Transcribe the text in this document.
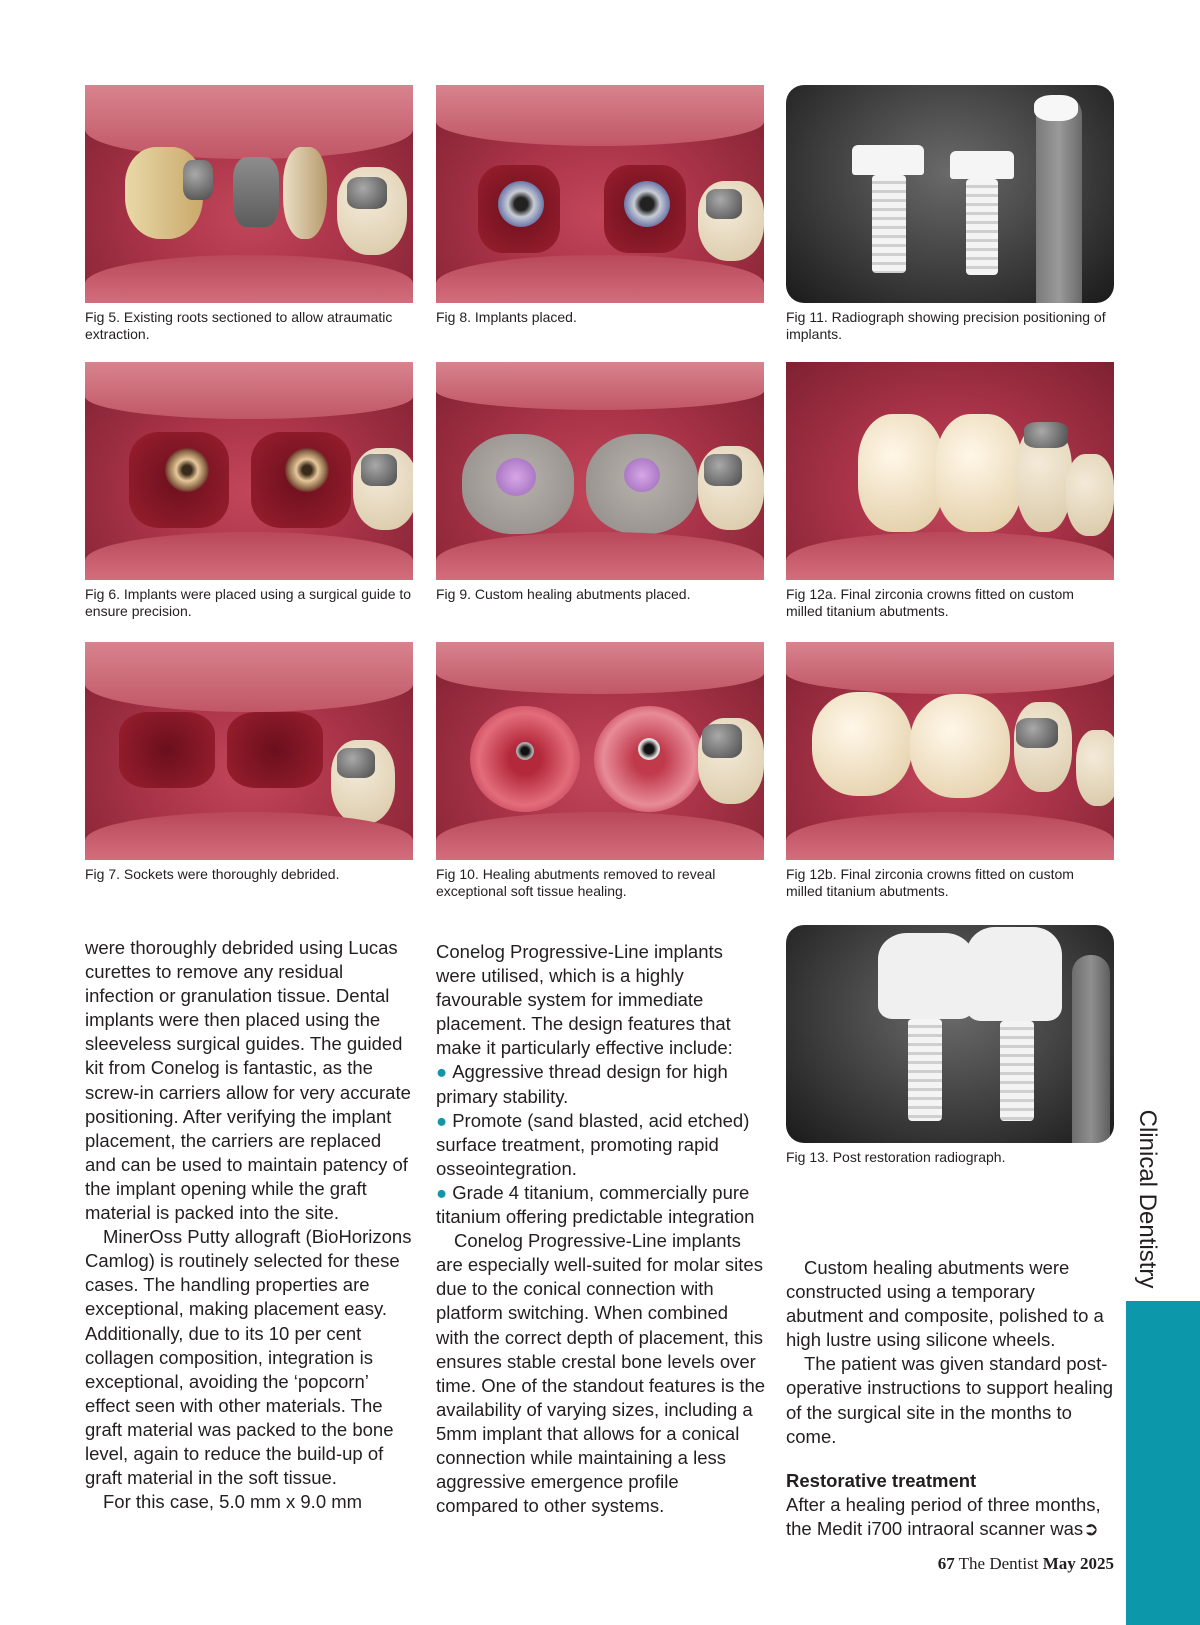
Fig 5. Existing roots sectioned to allow atraumatic extraction.
Fig 8. Implants placed.	Fig 11. Radiograph showing precision positioning of implants.
Fig 6. Implants were placed using a surgical guide to ensure precision.
Fig 9. Custom healing abutments placed.	Fig 12a. Final zirconia crowns fitted on custom milled titanium abutments.
Fig 7. Sockets were thoroughly debrided.	Fig 10. Healing abutments removed to reveal exceptional soft tissue healing.
Fig 12b. Final zirconia crowns fitted on custom milled titanium abutments.
Fig 13. Post restoration radiograph.

were thoroughly debrided using Lucas curettes to remove any residual infection or granulation tissue. Dental implants were then placed using the sleeveless surgical guides. The guided kit from Conelog is fantastic, as the screw-in carriers allow for very accurate positioning. After verifying the implant placement, the carriers are replaced and can be used to maintain patency of the implant opening while the graft material is packed into the site.

MinerOss Putty allograft (BioHorizons Camlog) is routinely selected for these cases. The handling properties are exceptional, making placement easy. Additionally, due to its 10 per cent collagen composition, integration is exceptional, avoiding the ‘popcorn’ effect seen with other materials. The graft material was packed to the bone level, again to reduce the build-up of graft material in the soft tissue.

For this case, 5.0 mm x 9.0 mm

Conelog Progressive-Line implants were utilised, which is a highly favourable system for immediate placement. The design features that make it particularly effective include:

● Aggressive thread design for high primary stability.

● Promote (sand blasted, acid etched) surface treatment, promoting rapid osseointegration.

● Grade 4 titanium, commercially pure titanium offering predictable integration

Conelog Progressive-Line implants are especially well-suited for molar sites due to the conical connection with platform switching. When combined with the correct depth of placement, this ensures stable crestal bone levels over time. One of the standout features is the availability of varying sizes, including a 5mm implant that allows for a conical connection while maintaining a less aggressive emergence profile compared to other systems.

Custom healing abutments were constructed using a temporary abutment and composite, polished to a high lustre using silicone wheels.

The patient was given standard post-operative instructions to support healing of the surgical site in the months to come.

Restorative treatment

After a healing period of three months, the Medit i700 intraoral scanner was➲

Clinical Dentistry
67 The Dentist May 2025
